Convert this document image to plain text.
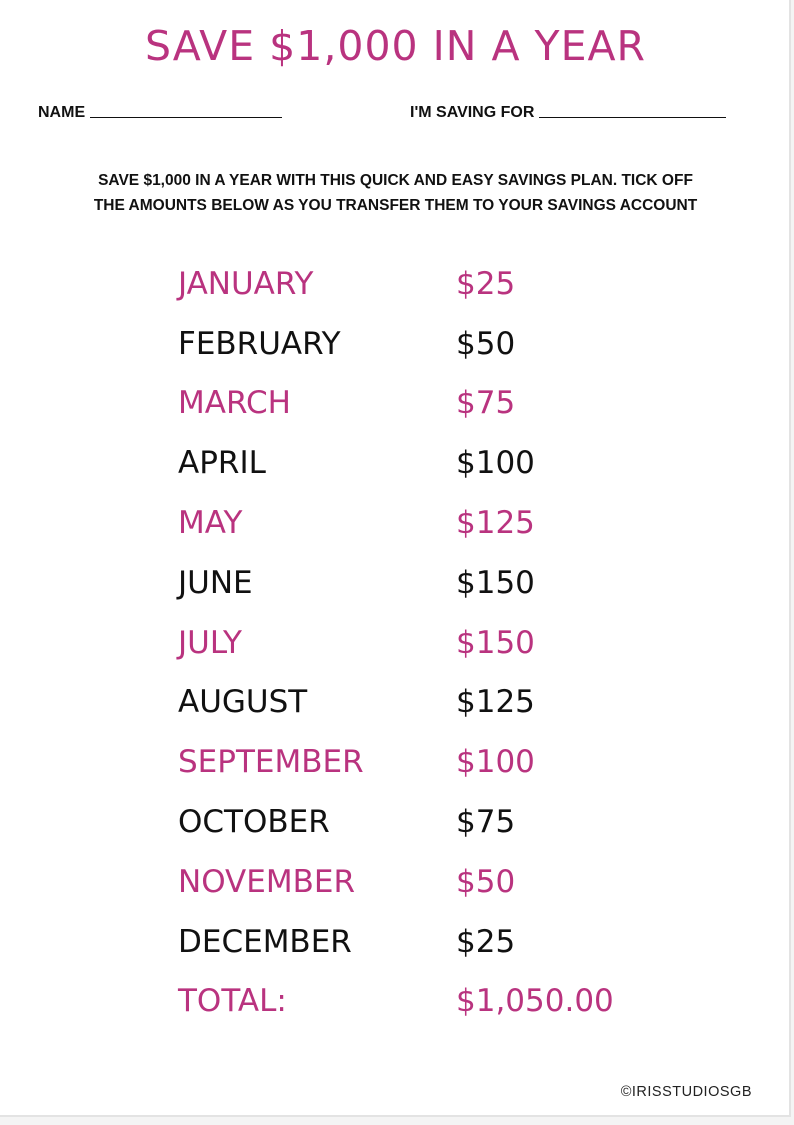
SAVE $1,000 IN A YEAR
NAME	I'M SAVING FOR

SAVE $1,000 IN A YEAR WITH THIS QUICK AND EASY SAVINGS PLAN. TICK OFF

THE AMOUNTS BELOW AS YOU TRANSFER THEM TO YOUR SAVINGS ACCOUNT

JANUARY	$25
FEBRUARY	$50
MARCH	$75
APRIL	$100
MAY	$125
JUNE	$150
JULY	$150
AUGUST	$125
SEPTEMBER	$100
OCTOBER	$75
NOVEMBER	$50
DECEMBER	$25
TOTAL:	$1,050.00
©IRISSTUDIOSGB
